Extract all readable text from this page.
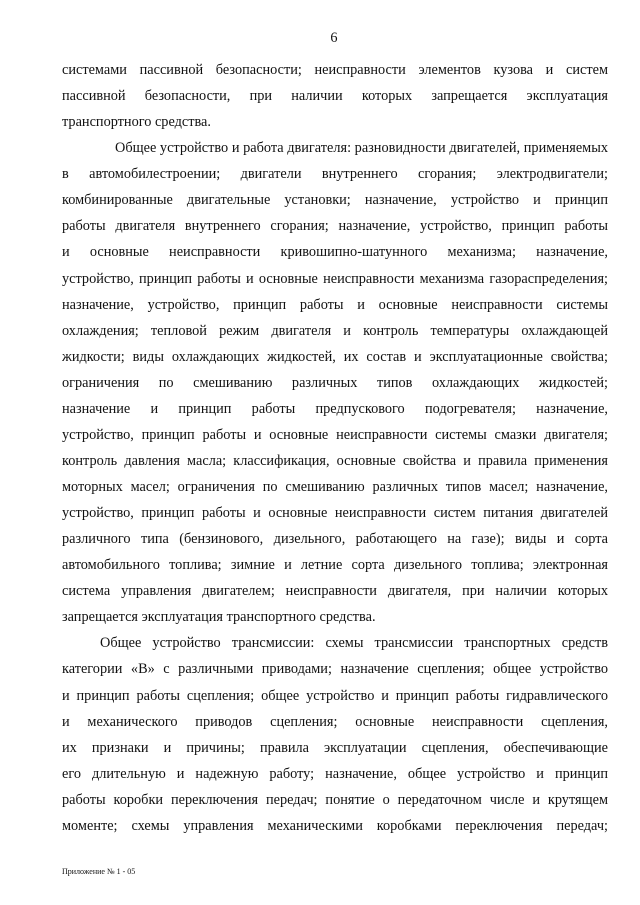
6
системами пассивной безопасности; неисправности элементов кузова и систем
пассивной безопасности, при наличии которых запрещается эксплуатация
транспортного средства.
Общее устройство и работа двигателя: разновидности двигателей, применяемых
в автомобилестроении; двигатели внутреннего сгорания; электродвигатели;
комбинированные двигательные установки; назначение, устройство и принцип
работы двигателя внутреннего сгорания; назначение, устройство, принцип работы
и основные неисправности кривошипно-шатунного механизма; назначение,
устройство, принцип работы и основные неисправности механизма газораспределения;
назначение, устройство, принцип работы и основные неисправности системы
охлаждения; тепловой режим двигателя и контроль температуры охлаждающей
жидкости; виды охлаждающих жидкостей, их состав и эксплуатационные свойства;
ограничения по смешиванию различных типов охлаждающих жидкостей;
назначение и принцип работы предпускового подогревателя; назначение,
устройство, принцип работы и основные неисправности системы смазки двигателя;
контроль давления масла; классификация, основные свойства и правила применения
моторных масел; ограничения по смешиванию различных типов масел; назначение,
устройство, принцип работы и основные неисправности систем питания двигателей
различного типа (бензинового, дизельного, работающего на газе); виды и сорта
автомобильного топлива; зимние и летние сорта дизельного топлива; электронная
система управления двигателем; неисправности двигателя, при наличии которых
запрещается эксплуатация транспортного средства.
Общее устройство трансмиссии: схемы трансмиссии транспортных средств
категории «B» с различными приводами; назначение сцепления; общее устройство
и принцип работы сцепления; общее устройство и принцип работы гидравлического
и механического приводов сцепления; основные неисправности сцепления,
их признаки и причины; правила эксплуатации сцепления, обеспечивающие
его длительную и надежную работу; назначение, общее устройство и принцип
работы коробки переключения передач; понятие о передаточном числе и крутящем
моменте; схемы управления механическими коробками переключения передач;
Приложение № 1 - 05
